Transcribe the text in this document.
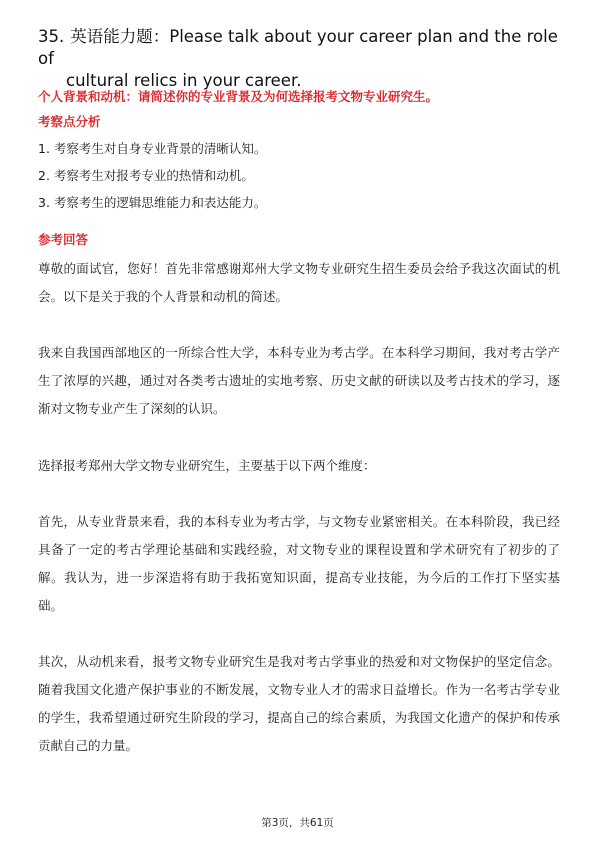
35. 英语能力题：Please talk about your career plan and the role of
cultural relics in your career.
个人背景和动机：请简述你的专业背景及为何选择报考文物专业研究生。
考察点分析
1. 考察考生对自身专业背景的清晰认知。
2. 考察考生对报考专业的热情和动机。
3. 考察考生的逻辑思维能力和表达能力。
参考回答

尊敬的面试官，您好！首先非常感谢郑州大学文物专业研究生招生委员会给予我这次面试的机会。以下是关于我的个人背景和动机的简述。

我来自我国西部地区的一所综合性大学，本科专业为考古学。在本科学习期间，我对考古学产生了浓厚的兴趣，通过对各类考古遗址的实地考察、历史文献的研读以及考古技术的学习，逐渐对文物专业产生了深刻的认识。

选择报考郑州大学文物专业研究生，主要基于以下两个维度：

首先，从专业背景来看，我的本科专业为考古学，与文物专业紧密相关。在本科阶段，我已经具备了一定的考古学理论基础和实践经验，对文物专业的课程设置和学术研究有了初步的了解。我认为，进一步深造将有助于我拓宽知识面，提高专业技能，为今后的工作打下坚实基础。

其次，从动机来看，报考文物专业研究生是我对考古学事业的热爱和对文物保护的坚定信念。随着我国文化遗产保护事业的不断发展，文物专业人才的需求日益增长。作为一名考古学专业的学生，我希望通过研究生阶段的学习，提高自己的综合素质，为我国文化遗产的保护和传承贡献自己的力量。

第3页，共61页
